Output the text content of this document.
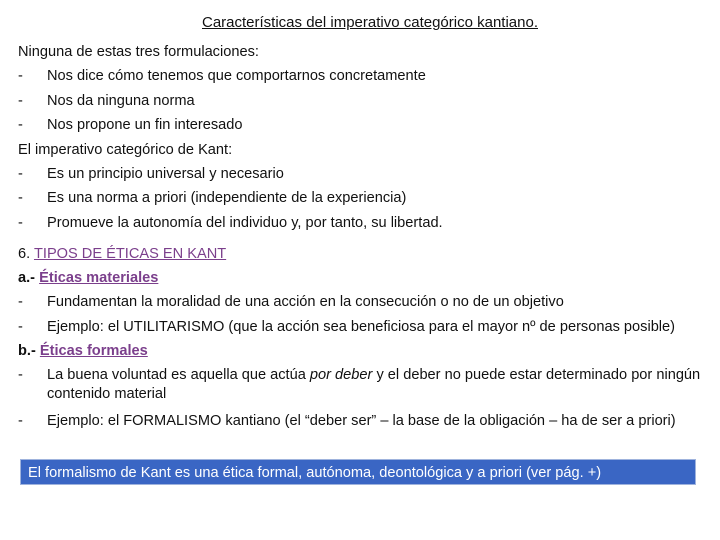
Características del imperativo categórico kantiano.
Ninguna de estas tres formulaciones:
-	Nos dice cómo tenemos que comportarnos concretamente
-	Nos da ninguna norma
-	Nos propone un fin interesado
El imperativo categórico de Kant:
-	Es un principio universal y necesario
-	Es una norma a priori (independiente de la experiencia)
-	Promueve la autonomía del individuo y, por tanto, su libertad.
6. TIPOS DE ÉTICAS EN KANT
a.- Éticas materiales
-	Fundamentan la moralidad de una acción en la consecución o no de un objetivo
-	Ejemplo: el UTILITARISMO (que la acción sea beneficiosa para el mayor nº de personas posible)
b.- Éticas formales
-	La buena voluntad es aquella que actúa por deber y el deber no puede estar determinado por ningún contenido material
-	Ejemplo: el FORMALISMO kantiano (el “deber ser” – la base de la obligación – ha de ser a priori)
El formalismo de Kant es una ética formal, autónoma, deontológica y a priori (ver pág. +)
